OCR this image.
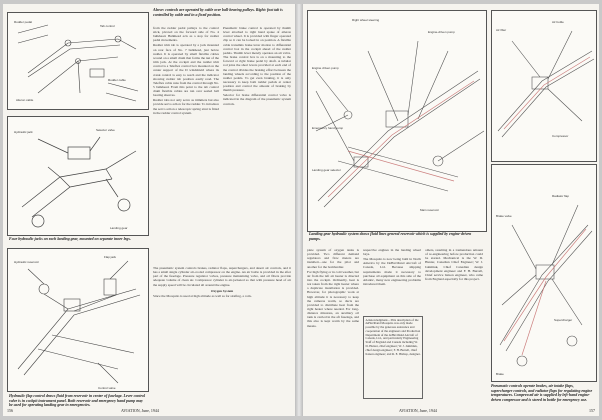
Above: controls are operated by cable over ball-bearing pulleys. Right: foot tab is controlled by cable and in a fixed position.
Rudder pedal
Tab control
Rudder cable
Aileron cable
Hydraulic jack	Selector valve
Landing gear
Four hydraulic jacks on each landing gear, mounted on separate inner legs.
Hydraulic reservoir
Flap jack
Control valve
Hydraulic flap control draws fluid from reservoir in center of fuselage. Lever control valve is in cockpit instrument panel. Both reservoir and emergency hand pump may be used for operating landing gear in emergencies.

from the rudder pedal pulleys to the control stick, pivoted on the forward side of No. 4 bulkhead. Bulkhead acts as a stop for rudder pedal movements.

Rudder trim tab is operated by a jack mounted on rear face of No. 7 bulkhead, just below rudder. It is operated by small flexible cables wound on a small drum that forms the nut of the trim jack. At the cockpit end the rudder trim control is a Teleflex control box mounted on the center support of the D windshield where its crank control is easy to reach and the indicator showing rudder tab position easily read. The Teleflex cable runs from the control through No. 5 bulkhead. From this point to the tab control drum flexible cables are run over sealed ball bearing sheaves.

Rudder tabs not only serve as trimmers but also provide servo action for the rudder. To introduce the servo action a telescopic spring strut is fitted in the rudder control system.

Pneumatic brake control is operated by thumb lever attached to right hand spoke of aileron control wheel. It is provided with finger operated clip so it can be locked in on position. A flexible cable transmits brake lever motion to differential control box in the cockpit ahead of the rudder pedals. Thumb lever merely operates an air valve. The brake control box is on a mounting to the forward or right brake pedal by shaft. A tubular rod joins the short levers provided at each end of the control divides the braking effort between the landing wheels according to the position of the rudder pedals. To get even braking, it is only necessary to keep both rudder pedals at center position and control the amount of braking by thumb pressure.

Selector for brake differential control valve is indicated in the diagram of the pneumatic system controls.

The pneumatic system controls brakes, radiator flaps, superchargers, and desert air controls, and it has a small single cylinder air-cooled compressor on the engine. An air bottle is provided in the after part of the fuselage. Pressure regulator valves, pressure maintaining valve, and oil filters provide adequate volume of clean air. Compressor cylinder is air-jacketed so that with pressure head of air the supply speed will be circulated all around the engine.

Oxygen System

Since the Mosquito is used at high altitude as well as for strafing, a com-

156	AVIATION, June, 1944
Right wheel steering
Engine-driven pump
Engine driven pump
Emergency hand pump
Landing gear selector
Main reservoir
Landing gear hydraulic system shows fluid lines general reservoir which is supplied by engine-driven pumps.
Air filter
Air bottle
Compressor

plete system of oxygen tanks is provided. Two different demand regulators and flow meters are installed—one for the pilot and another for the bombardier.

For high flying or in cold weather, but air from the left air heater is directed into the cockpit. Ordinarily, heat is not taken from the right heater where a duplicate installation is provided. However, for photographic work at high altitude it is necessary to keep the cameras warm, so ducts are provided to distribute heat from the right heater where needed. For long-distance missions, an auxiliary oil tank is carried in the aft fuselage, and this also is kept warm by the same means.

respective engines in the landing wheel bays.

The Mosquito is now being built in North America by the DeHavilland Aircraft of Canada, Ltd. Because shipping requirements made it necessary to purchase all equipment on this side of the Atlantic, many new engineering problems introduced them.

Acknowledgment—This description of the deHavilland Mosquito was only made possible by the generous assistance and cooperation of the engineers and Production Department of the deHavilland Aircraft of Canada, Ltd., and particularly Engineering Staff of England and Canada including W. D. Hunter, chief engineer; W. J. Jakimiuk, chief design engineer; F. H. Burrell, chief liaison engineer; and R. E. Bishop, designer.

others, resulting in a tremendous amount of re-engineering before production could be started. Mechanical is the W. D. Hunter, Canadian Chief Engineer; W. J. Jakimiuk, Chief Canadian design development engineer and F. H. Burrell, Chief service liaison engineer, who came from England especially for this project.

Brake valve
Radiator flap
Supercharger
Brake
Pneumatic controls operate brakes, air intake flaps, supercharger controls, and radiator flaps for regulating engine temperatures. Compressed air is supplied by left-hand engine-driven compressor and is stored in bottle for emergency use.
AVIATION, June, 1944	157
